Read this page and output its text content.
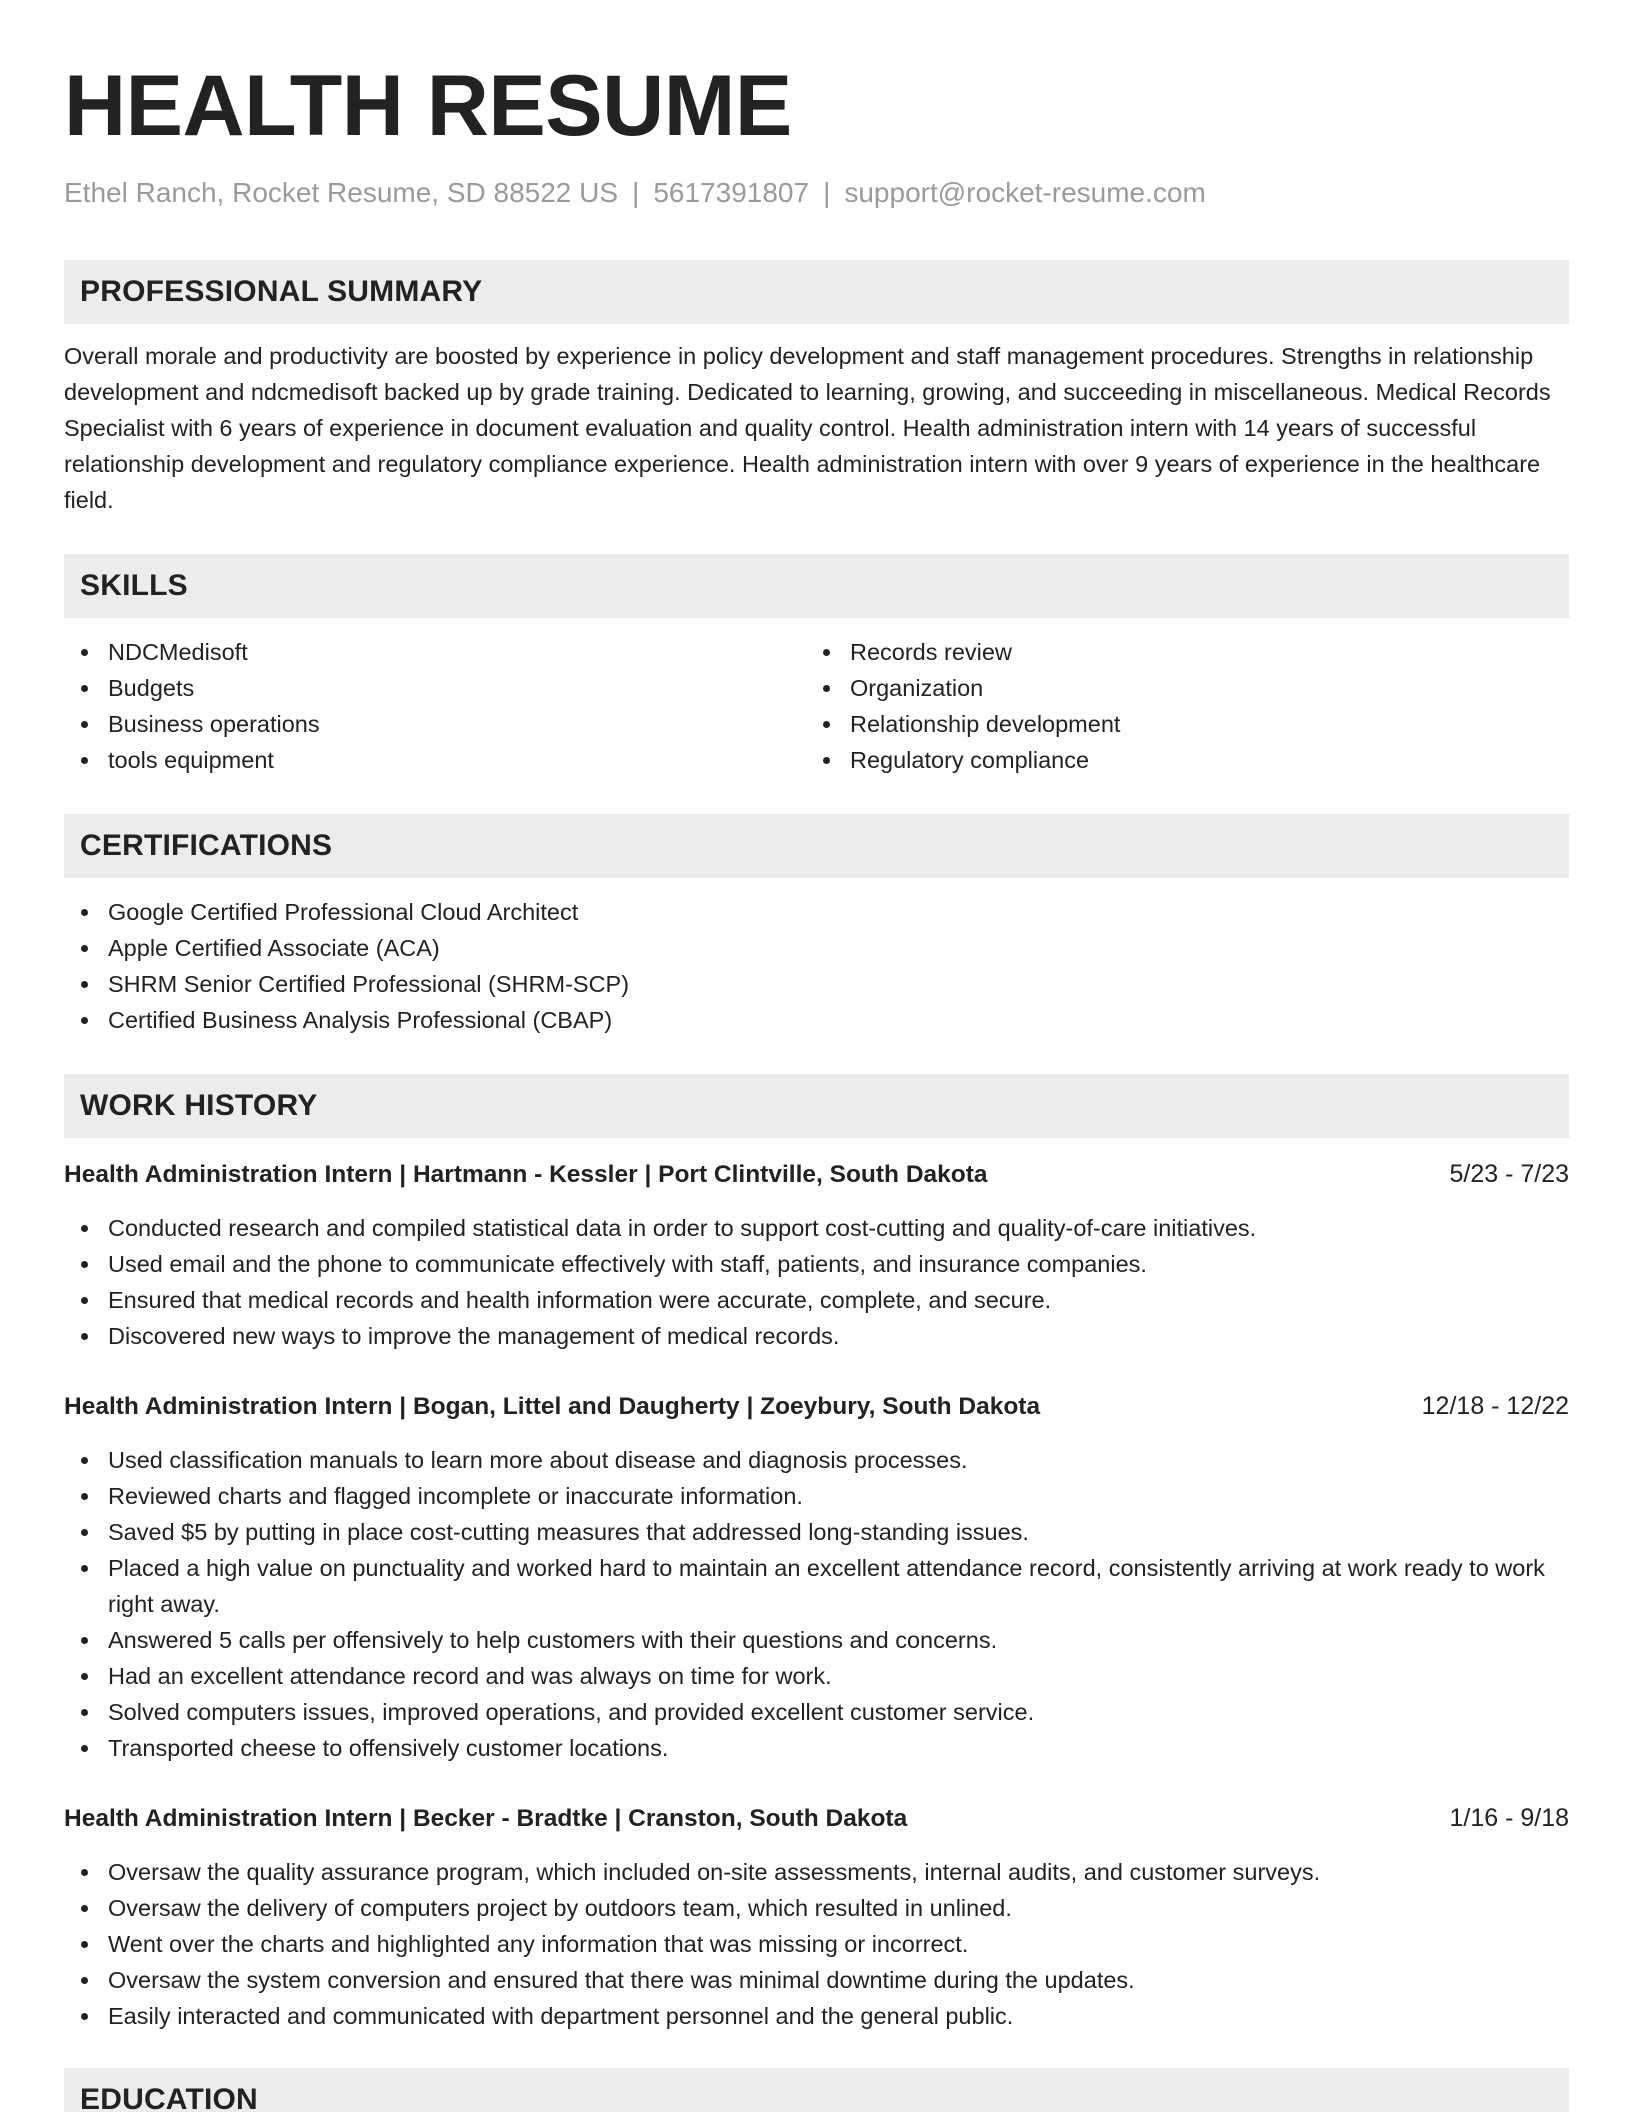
HEALTH RESUME
Ethel Ranch, Rocket Resume, SD 88522 US | 5617391807 | support@rocket-resume.com
PROFESSIONAL SUMMARY

Overall morale and productivity are boosted by experience in policy development and staff management procedures. Strengths in relationship development and ndcmedisoft backed up by grade training. Dedicated to learning, growing, and succeeding in miscellaneous. Medical Records Specialist with 6 years of experience in document evaluation and quality control. Health administration intern with 14 years of successful relationship development and regulatory compliance experience. Health administration intern with over 9 years of experience in the healthcare field.

SKILLS
NDCMedisoft
Budgets
Business operations
tools equipment
Records review
Organization
Relationship development
Regulatory compliance
CERTIFICATIONS
Google Certified Professional Cloud Architect
Apple Certified Associate (ACA)
SHRM Senior Certified Professional (SHRM-SCP)
Certified Business Analysis Professional (CBAP)
WORK HISTORY
Health Administration Intern | Hartmann - Kessler | Port Clintville, South Dakota	5/23 - 7/23
Conducted research and compiled statistical data in order to support cost-cutting and quality-of-care initiatives.
Used email and the phone to communicate effectively with staff, patients, and insurance companies.
Ensured that medical records and health information were accurate, complete, and secure.
Discovered new ways to improve the management of medical records.
Health Administration Intern | Bogan, Littel and Daugherty | Zoeybury, South Dakota	12/18 - 12/22
Used classification manuals to learn more about disease and diagnosis processes.
Reviewed charts and flagged incomplete or inaccurate information.
Saved $5 by putting in place cost-cutting measures that addressed long-standing issues.
Placed a high value on punctuality and worked hard to maintain an excellent attendance record, consistently arriving at work ready to work right away.
Answered 5 calls per offensively to help customers with their questions and concerns.
Had an excellent attendance record and was always on time for work.
Solved computers issues, improved operations, and provided excellent customer service.
Transported cheese to offensively customer locations.
Health Administration Intern | Becker - Bradtke | Cranston, South Dakota	1/16 - 9/18
Oversaw the quality assurance program, which included on-site assessments, internal audits, and customer surveys.
Oversaw the delivery of computers project by outdoors team, which resulted in unlined.
Went over the charts and highlighted any information that was missing or incorrect.
Oversaw the system conversion and ensured that there was minimal downtime during the updates.
Easily interacted and communicated with department personnel and the general public.
EDUCATION
